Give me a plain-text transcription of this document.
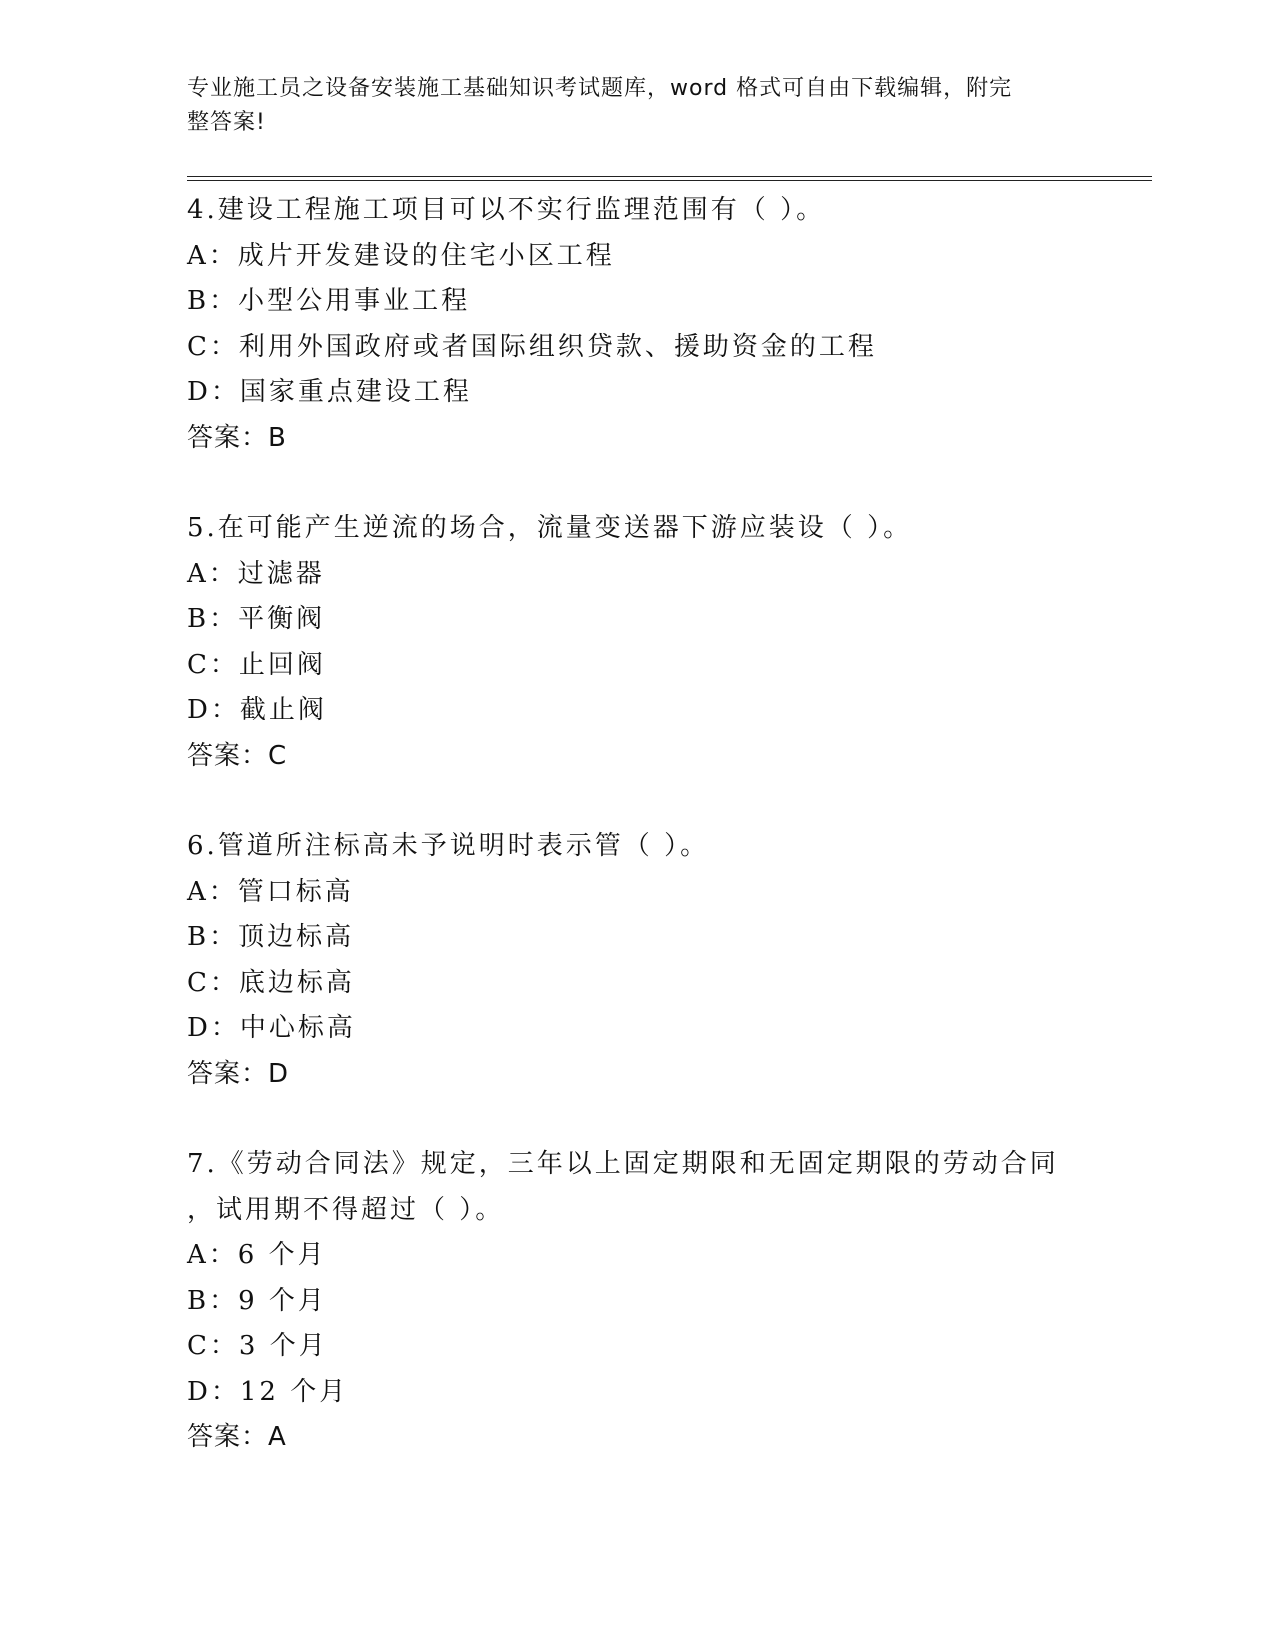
专业施工员之设备安装施工基础知识考试题库，word 格式可自由下载编辑，附完
整答案!
4.建设工程施工项目可以不实行监理范围有（ ）。
A：成片开发建设的住宅小区工程
B：小型公用事业工程
C：利用外国政府或者国际组织贷款、援助资金的工程
D：国家重点建设工程
答案：B
5.在可能产生逆流的场合，流量变送器下游应装设（ ）。
A：过滤器
B：平衡阀
C：止回阀
D：截止阀
答案：C
6.管道所注标高未予说明时表示管（ ）。
A：管口标高
B：顶边标高
C：底边标高
D：中心标高
答案：D
7.《劳动合同法》规定，三年以上固定期限和无固定期限的劳动合同
，试用期不得超过（ ）。
A：6 个月
B：9 个月
C：3 个月
D：12 个月
答案：A
